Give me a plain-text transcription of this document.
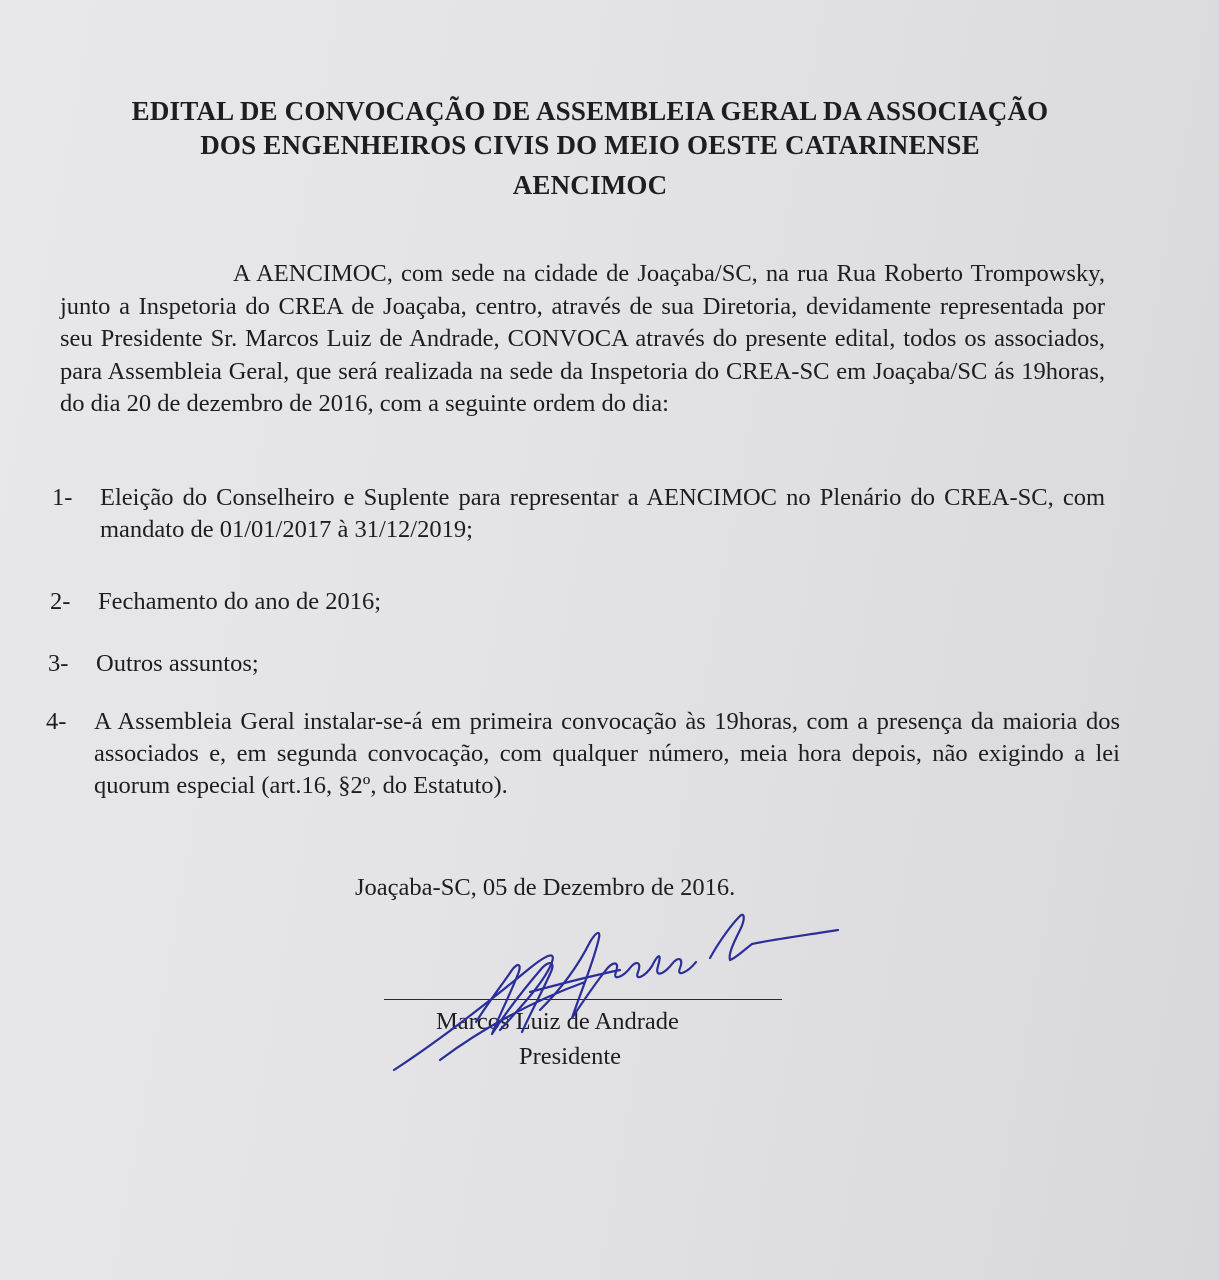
EDITAL DE CONVOCAÇÃO DE ASSEMBLEIA GERAL DA ASSOCIAÇÃO
DOS ENGENHEIROS CIVIS DO MEIO OESTE CATARINENSE
AENCIMOC
A AENCIMOC, com sede na cidade de Joaçaba/SC, na rua Rua Roberto Trompowsky, junto a Inspetoria do CREA de Joaçaba, centro, através de sua Diretoria, devidamente representada por seu Presidente Sr. Marcos Luiz de Andrade, CONVOCA através do presente edital, todos os associados, para Assembleia Geral, que será realizada na sede da Inspetoria do CREA-SC em Joaçaba/SC ás 19horas, do dia 20 de dezembro de 2016, com a seguinte ordem do dia:
1- Eleição do Conselheiro e Suplente para representar a AENCIMOC no Plenário do CREA-SC, com mandato de 01/01/2017 à 31/12/2019;
2- Fechamento do ano de 2016;
3- Outros assuntos;
4- A Assembleia Geral instalar-se-á em primeira convocação às 19horas, com a presença da maioria dos associados e, em segunda convocação, com qualquer número, meia hora depois, não exigindo a lei quorum especial (art.16, §2º, do Estatuto).
Joaçaba-SC, 05 de Dezembro de 2016.
Marcos Luiz de Andrade
Presidente
